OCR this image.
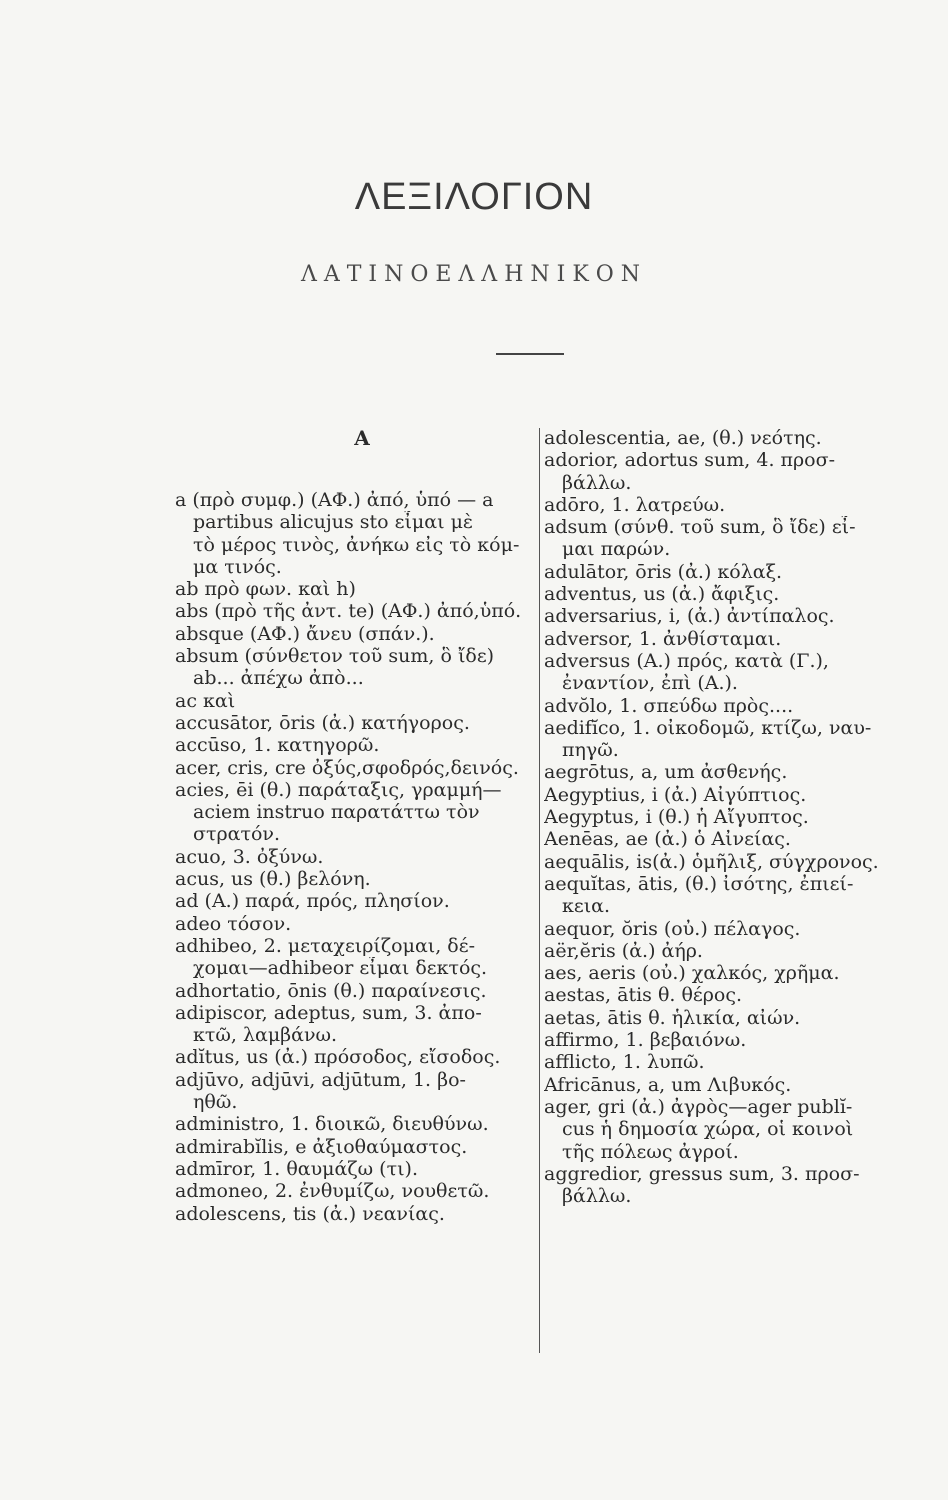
ΛΕΞΙΛΟΓΙΟΝ
ΛΑΤΙΝΟΕΛΛΗΝΙΚΟΝ
A
a (πρὸ συμφ.) (ΑΦ.) ἀπό, ὑπό — a
partibus alicujus sto εἶμαι μὲ
τὸ μέρος τινὸς, ἀνήκω εἰς τὸ κόμ-
μα τινός.
ab πρὸ φων. καὶ h)
abs (πρὸ τῆς ἀντ. te) (ΑΦ.) ἀπό,ὑπό.
absque (ΑΦ.) ἄνευ (σπάν.).
absum (σύνθετον τοῦ sum, ὃ ἴδε)
ab... ἀπέχω ἀπὸ...
ac καὶ
accusātor, ōris (ἀ.) κατήγορος.
accūso, 1. κατηγορῶ.
acer, cris, cre ὀξύς,σφοδρός,δεινός.
acies, ēi (θ.) παράταξις, γραμμή—
aciem instruo παρατάττω τὸν
στρατόν.
acuo, 3. ὀξύνω.
acus, us (θ.) βελόνη.
ad (Α.) παρά, πρός, πλησίον.
adeo τόσον.
adhibeo, 2. μεταχειρίζομαι, δέ-
χομαι—adhibeor εἶμαι δεκτός.
adhortatio, ōnis (θ.) παραίνεσις.
adipiscor, adeptus, sum, 3. ἀπο-
κτῶ, λαμβάνω.
adĭtus, us (ἀ.) πρόσοδος, εἴσοδος.
adjūvo, adjūvi, adjūtum, 1. βο-
ηθῶ.
administro, 1. διοικῶ, διευθύνω.
admirabĭlis, e ἀξιοθαύμαστος.
admīror, 1. θαυμάζω (τι).
admoneo, 2. ἐνθυμίζω, νουθετῶ.
adolescens, tis (ἀ.) νεανίας.
adolescentia, ae, (θ.) νεότης.
adorior, adortus sum, 4. προσ-
βάλλω.
adōro, 1. λατρεύω.
adsum (σύνθ. τοῦ sum, ὃ ἴδε) εἶ-
μαι παρών.
adulātor, ōris (ἀ.) κόλαξ.
adventus, us (ἀ.) ἄφιξις.
adversarius, i, (ἀ.) ἀντίπαλος.
adversor, 1. ἀνθίσταμαι.
adversus (Α.) πρός, κατὰ (Γ.),
ἐναντίον, ἐπὶ (Α.).
advŏlo, 1. σπεύδω πρὸς....
aedifĭco, 1. οἰκοδομῶ, κτίζω, ναυ-
πηγῶ.
aegrōtus, a, um ἀσθενής.
Aegyptius, i (ἀ.) Αἰγύπτιος.
Aegyptus, i (θ.) ἡ Αἴγυπτος.
Aenēas, ae (ἀ.) ὁ Αἰνείας.
aequālis, is(ἀ.) ὁμῆλιξ, σύγχρονος.
aequĭtas, ātis, (θ.) ἰσότης, ἐπιεί-
κεια.
aequor, ŏris (οὐ.) πέλαγος.
aër,ĕris (ἀ.) ἀήρ.
aes, aeris (οὐ.) χαλκός, χρῆμα.
aestas, ātis θ. θέρος.
aetas, ātis θ. ἡλικία, αἰών.
affirmo, 1. βεβαιόνω.
afflicto, 1. λυπῶ.
Africānus, a, um Λιβυκός.
ager, gri (ἀ.) ἀγρὸς—ager publĭ-
cus ἡ δημοσία χώρα, οἱ κοινοὶ
τῆς πόλεως ἀγροί.
aggredior, gressus sum, 3. προσ-
βάλλω.
